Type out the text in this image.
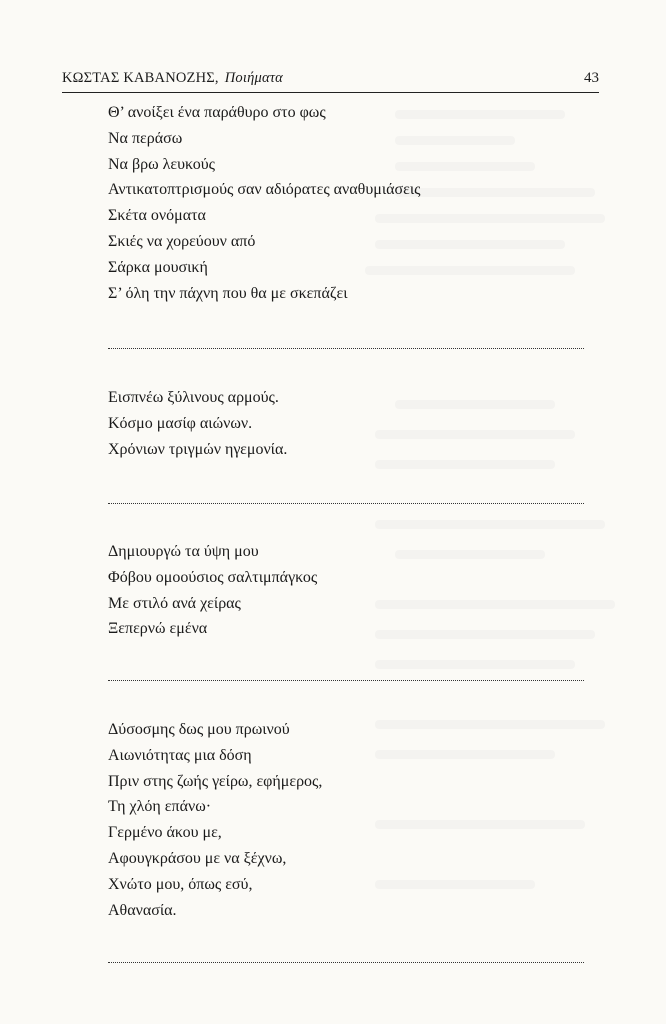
ΚΩΣΤΑΣ ΚΑΒΑΝΟΖΗΣ, Ποιήματα	43
Θ’ ανοίξει ένα παράθυρο στο φως
Να περάσω
Να βρω λευκούς
Αντικατοπτρισμούς σαν αδιόρατες αναθυμιάσεις
Σκέτα ονόματα
Σκιές να χορεύουν από
Σάρκα μουσική
Σ’ όλη την πάχνη που θα με σκεπάζει
Εισπνέω ξύλινους αρμούς.
Κόσμο μασίφ αιώνων.
Χρόνιων τριγμών ηγεμονία.
Δημιουργώ τα ύψη μου
Φόβου ομοούσιος σαλτιμπάγκος
Με στιλό ανά χείρας
Ξεπερνώ εμένα
Δύσοσμης δως μου πρωινού
Αιωνιότητας μια δόση
Πριν στης ζωής γείρω, εφήμερος,
Τη χλόη επάνω·
Γερμένο άκου με,
Αφουγκράσου με να ξέχνω,
Χνώτο μου, όπως εσύ,
Αθανασία.
